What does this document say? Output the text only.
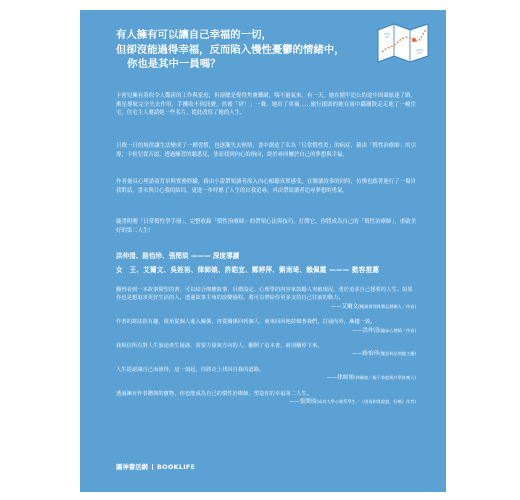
有人擁有可以讓自己幸福的一切，
但卻沒能過得幸福，反而陷入慢性憂鬱的情緒中，
你也是其中一員嗎？
卡密兒擁有着似令人豔羨的工作與家庭，但卻總是覺得焦慮難耐，喘不過氣來。有一天，她在圍牢追公的途中因暈眩迷了路，衝星導航完全失去作用，手機收不到訊號，然後「砰！」一聲，她出了車禍……旅行援助的她在雨中蹣跚散走走進了一幢住宅，住宅主人邀請她一些名片，從此改寫了她的人生。
日復一日的規律讓生活變成了一種習慣，也逐漸失去熱情，書中創造了名為「日常慣性炎」的病症，藉由「慣性治療師」的引導，卡密兒從否認、透過練習的聽悉見，並而找到內心的指向，終於尋回屬於自己的夢想與幸福。
作者兼具心理諮商背景與實務經驗，藉由小說帶領讀者深入內心傾聽真實感受，在閱讀故事的同時，彷彿也跟著進行了一場自我對話，書末與日心我的結局，更進一步呼應了人生的自我追尋，再次帶給讀者追尋夢想的勇氣。
隨書附贈「日常慣性學手冊」，完整收錄「慣性治療師」的帶領心法與技巧，打開它，你將成為自己的「慣性治療師」，重啟美好的第二人生！
洪仲清、路怡珍、張閔琰 ——— 深度導讀
女　王、艾爾文、吳姪裕、律師娘、許皓宜、鄭婷萍、劉南琦、賴佩霞 ——— 動容推薦
翻得看到一本故事類型的書，可以結合療癒故事、目標設定、心理學的內容來鼓勵人突破現況，勇於追求自己想要的人生。如果你也是想追求更好生活的人，透過故事主角的改變過程，將可以帶給你更多支持自己往前的動力。
——艾爾文(暢銷書理財筆記創辦人／作家)
作者的寫法很有趣，視角從個人進入關係，再從關係回到個人，東來回回地鼓聲著我們，打通內外，漸趨一致。
——洪仲清(臨床心理師／作家)
我相信所有對人生旅途產生疑惑、需要力量與方向的人，翻開了這本書，就別翻停下來。
——路怡珍(雙語料品問題主播)
人生從認識自己而值得，這一刻起，你將走上找回自我的道路。
——律師娘(林靜如／親子家庭與共學推廣人)
透過擁有作者贈與的寶物，你也能成為自己的慣性治療師，塑造你的幸福第二人生。
——張閔琰(成功大學心理系學生／《別再和我說說，好嗎》作者)
圓神書活網 BOOKLIFE
